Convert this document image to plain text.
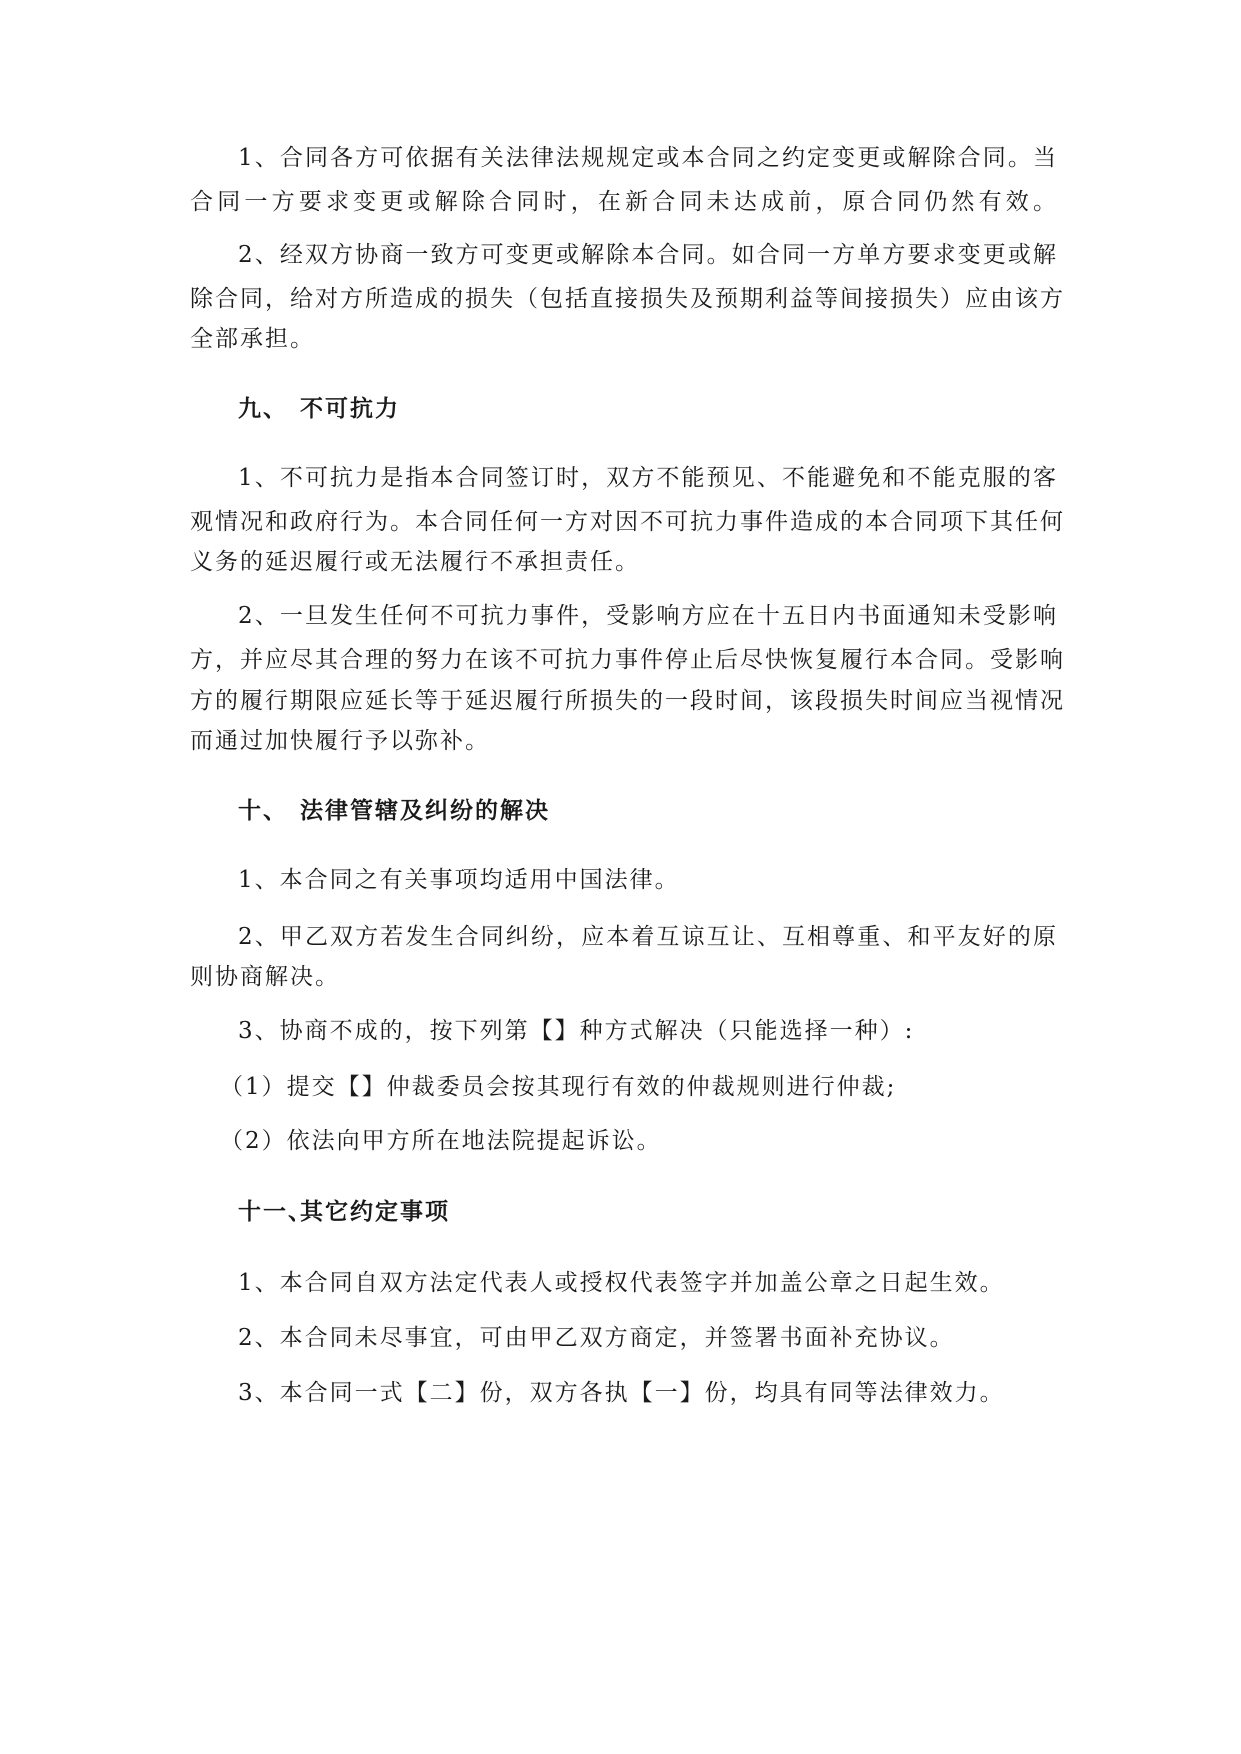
1、合同各方可依据有关法律法规规定或本合同之约定变更或解除合同。当
合同一方要求变更或解除合同时，在新合同未达成前，原合同仍然有效。
2、经双方协商一致方可变更或解除本合同。如合同一方单方要求变更或解
除合同，给对方所造成的损失（包括直接损失及预期利益等间接损失）应由该方
全部承担。
九、 不可抗力
1、不可抗力是指本合同签订时，双方不能预见、不能避免和不能克服的客
观情况和政府行为。本合同任何一方对因不可抗力事件造成的本合同项下其任何
义务的延迟履行或无法履行不承担责任。
2、一旦发生任何不可抗力事件，受影响方应在十五日内书面通知未受影响
方，并应尽其合理的努力在该不可抗力事件停止后尽快恢复履行本合同。受影响
方的履行期限应延长等于延迟履行所损失的一段时间，该段损失时间应当视情况
而通过加快履行予以弥补。
十、 法律管辖及纠纷的解决
1、本合同之有关事项均适用中国法律。
2、甲乙双方若发生合同纠纷，应本着互谅互让、互相尊重、和平友好的原
则协商解决。
3、协商不成的，按下列第【】种方式解决（只能选择一种）:
（1）提交【】仲裁委员会按其现行有效的仲裁规则进行仲裁;
（2）依法向甲方所在地法院提起诉讼。
十一、其它约定事项
1、本合同自双方法定代表人或授权代表签字并加盖公章之日起生效。
2、本合同未尽事宜，可由甲乙双方商定，并签署书面补充协议。
3、本合同一式【二】份，双方各执【一】份，均具有同等法律效力。
